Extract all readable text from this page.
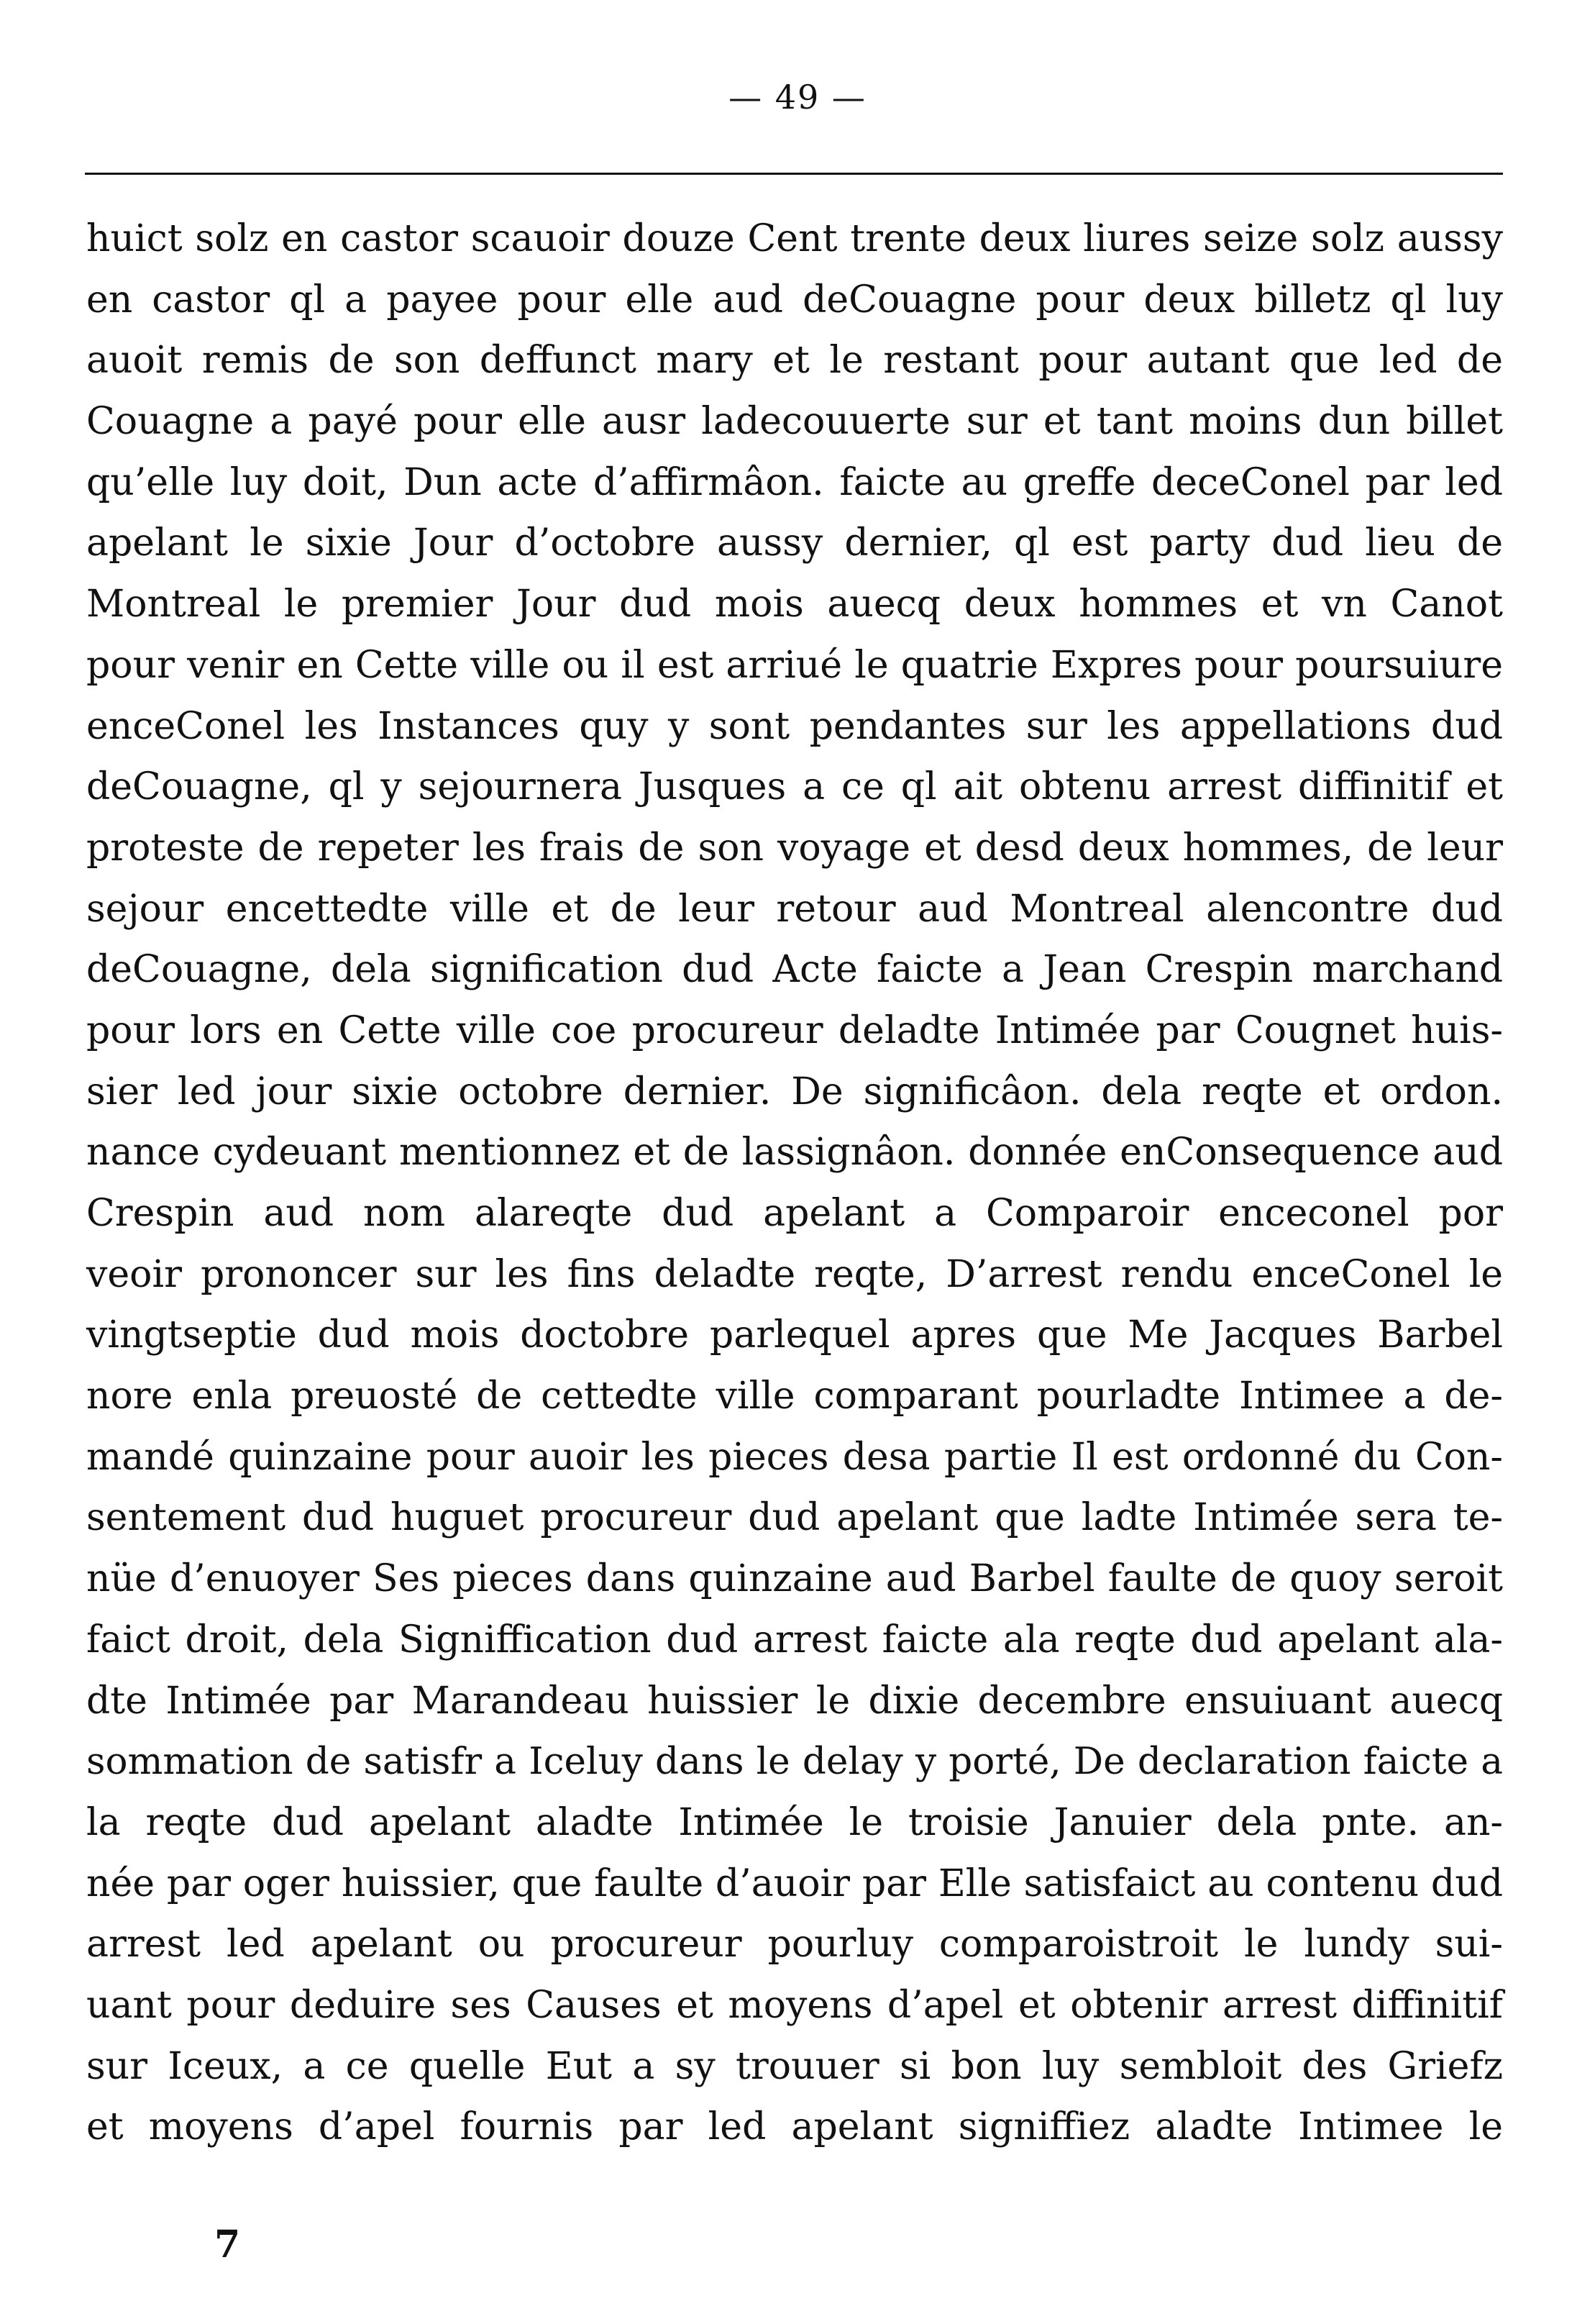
— 49 —
huict solz en castor scauoir douze Cent trente deux liures seize solz aussy
en castor ql a payee pour elle aud deCouagne pour deux billetz ql luy
auoit remis de son deffunct mary et le restant pour autant que led de
Couagne a payé pour elle ausr ladecouuerte sur et tant moins dun billet
qu’elle luy doit, Dun acte d’affirmâon. faicte au greffe deceConel par led
apelant le sixie Jour d’octobre aussy dernier, ql est party dud lieu de
Montreal le premier Jour dud mois auecq deux hommes et vn Canot
pour venir en Cette ville ou il est arriué le quatrie Expres pour poursuiure
enceConel les Instances quy y sont pendantes sur les appellations dud
deCouagne, ql y sejournera Jusques a ce ql ait obtenu arrest diffinitif et
proteste de repeter les frais de son voyage et desd deux hommes, de leur
sejour encettedte ville et de leur retour aud Montreal alencontre dud
deCouagne, dela signification dud Acte faicte a Jean Crespin marchand
pour lors en Cette ville coe procureur deladte Intimée par Cougnet huis-
sier led jour sixie octobre dernier. De significâon. dela reqte et ordon.
nance cydeuant mentionnez et de lassignâon. donnée enConsequence aud
Crespin aud nom alareqte dud apelant a Comparoir enceconel por
veoir prononcer sur les fins deladte reqte, D’arrest rendu enceConel le
vingtseptie dud mois doctobre parlequel apres que Me Jacques Barbel
nore enla preuosté de cettedte ville comparant pourladte Intimee a de-
mandé quinzaine pour auoir les pieces desa partie Il est ordonné du Con-
sentement dud huguet procureur dud apelant que ladte Intimée sera te-
nüe d’enuoyer Ses pieces dans quinzaine aud Barbel faulte de quoy seroit
faict droit, dela Signiffication dud arrest faicte ala reqte dud apelant ala-
dte Intimée par Marandeau huissier le dixie decembre ensuiuant auecq
sommation de satisfr a Iceluy dans le delay y porté, De declaration faicte a
la reqte dud apelant aladte Intimée le troisie Januier dela pnte. an-
née par oger huissier, que faulte d’auoir par Elle satisfaict au contenu dud
arrest led apelant ou procureur pourluy comparoistroit le lundy sui-
uant pour deduire ses Causes et moyens d’apel et obtenir arrest diffinitif
sur Iceux, a ce quelle Eut a sy trouuer si bon luy sembloit des Griefz
et moyens d’apel fournis par led apelant signiffiez aladte Intimee le
7
